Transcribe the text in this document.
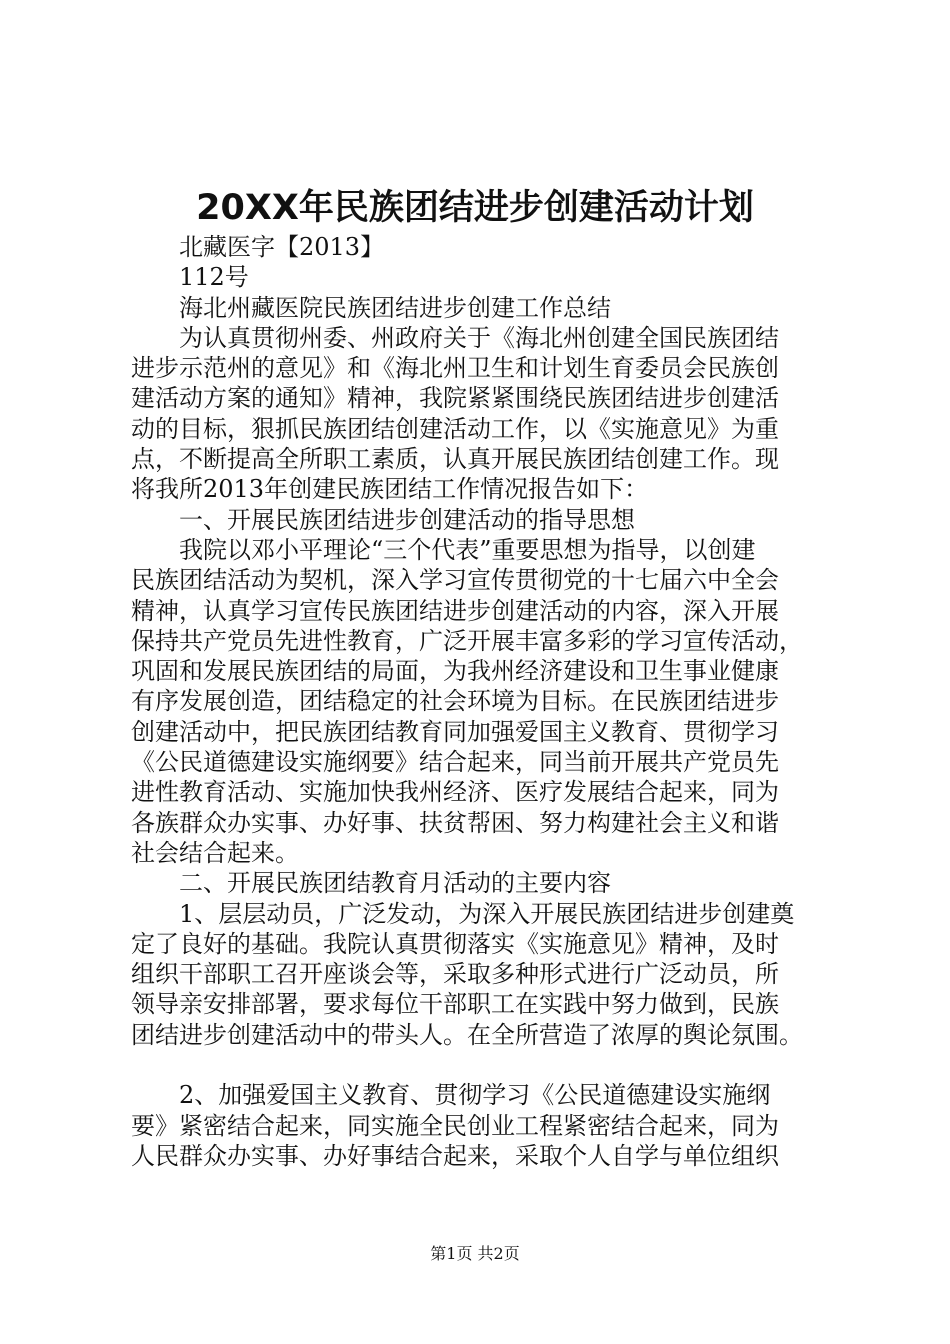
20XX年民族团结进步创建活动计划

北藏医字【2013】

112号

海北州藏医院民族团结进步创建工作总结

为认真贯彻州委、州政府关于《海北州创建全国民族团结

进步示范州的意见》和《海北州卫生和计划生育委员会民族创

建活动方案的通知》精神，我院紧紧围绕民族团结进步创建活

动的目标，狠抓民族团结创建活动工作，以《实施意见》为重

点，不断提高全所职工素质，认真开展民族团结创建工作。现

将我所2013年创建民族团结工作情况报告如下：

一、开展民族团结进步创建活动的指导思想

我院以邓小平理论“三个代表”重要思想为指导，以创建

民族团结活动为契机，深入学习宣传贯彻党的十七届六中全会

精神，认真学习宣传民族团结进步创建活动的内容，深入开展

保持共产党员先进性教育，广泛开展丰富多彩的学习宣传活动，

巩固和发展民族团结的局面，为我州经济建设和卫生事业健康

有序发展创造，团结稳定的社会环境为目标。在民族团结进步

创建活动中，把民族团结教育同加强爱国主义教育、贯彻学习

《公民道德建设实施纲要》结合起来，同当前开展共产党员先

进性教育活动、实施加快我州经济、医疗发展结合起来，同为

各族群众办实事、办好事、扶贫帮困、努力构建社会主义和谐

社会结合起来。

二、开展民族团结教育月活动的主要内容

1、层层动员，广泛发动，为深入开展民族团结进步创建奠

定了良好的基础。我院认真贯彻落实《实施意见》精神，及时

组织干部职工召开座谈会等，采取多种形式进行广泛动员，所

领导亲安排部署，要求每位干部职工在实践中努力做到，民族

团结进步创建活动中的带头人。在全所营造了浓厚的舆论氛围。

2、加强爱国主义教育、贯彻学习《公民道德建设实施纲

要》紧密结合起来，同实施全民创业工程紧密结合起来，同为

人民群众办实事、办好事结合起来，采取个人自学与单位组织

第1页 共2页
